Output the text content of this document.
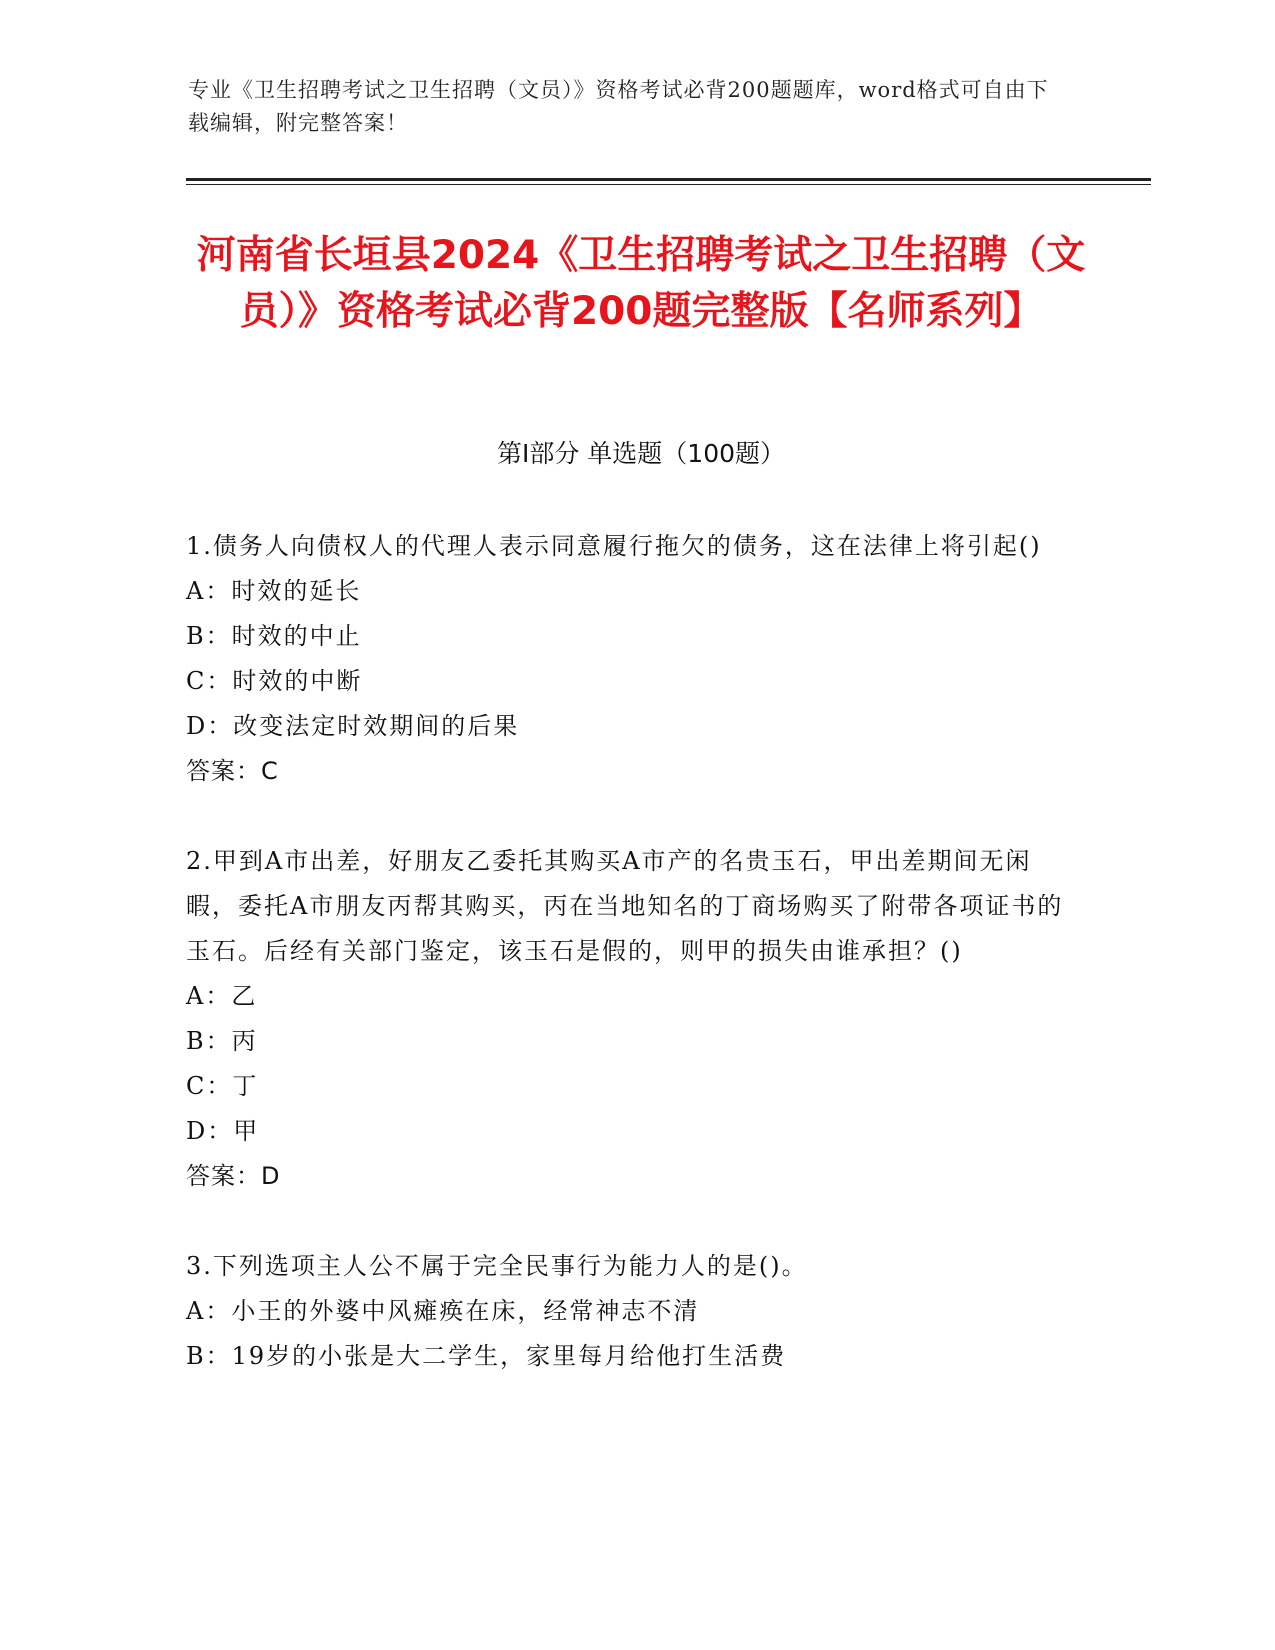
专业《卫生招聘考试之卫生招聘（文员）》资格考试必背200题题库，word格式可自由下载编辑，附完整答案！
河南省长垣县2024《卫生招聘考试之卫生招聘（文员）》资格考试必背200题完整版【名师系列】
第Ⅰ部分 单选题（100题）

1.债务人向债权人的代理人表示同意履行拖欠的债务，这在法律上将引起()

A：时效的延长

B：时效的中止

C：时效的中断

D：改变法定时效期间的后果

答案：C

2.甲到A市出差，好朋友乙委托其购买A市产的名贵玉石，甲出差期间无闲暇，委托A市朋友丙帮其购买，丙在当地知名的丁商场购买了附带各项证书的玉石。后经有关部门鉴定，该玉石是假的，则甲的损失由谁承担？()

A：乙

B：丙

C：丁

D：甲

答案：D

3.下列选项主人公不属于完全民事行为能力人的是()。

A：小王的外婆中风瘫痪在床，经常神志不清

B：19岁的小张是大二学生，家里每月给他打生活费
